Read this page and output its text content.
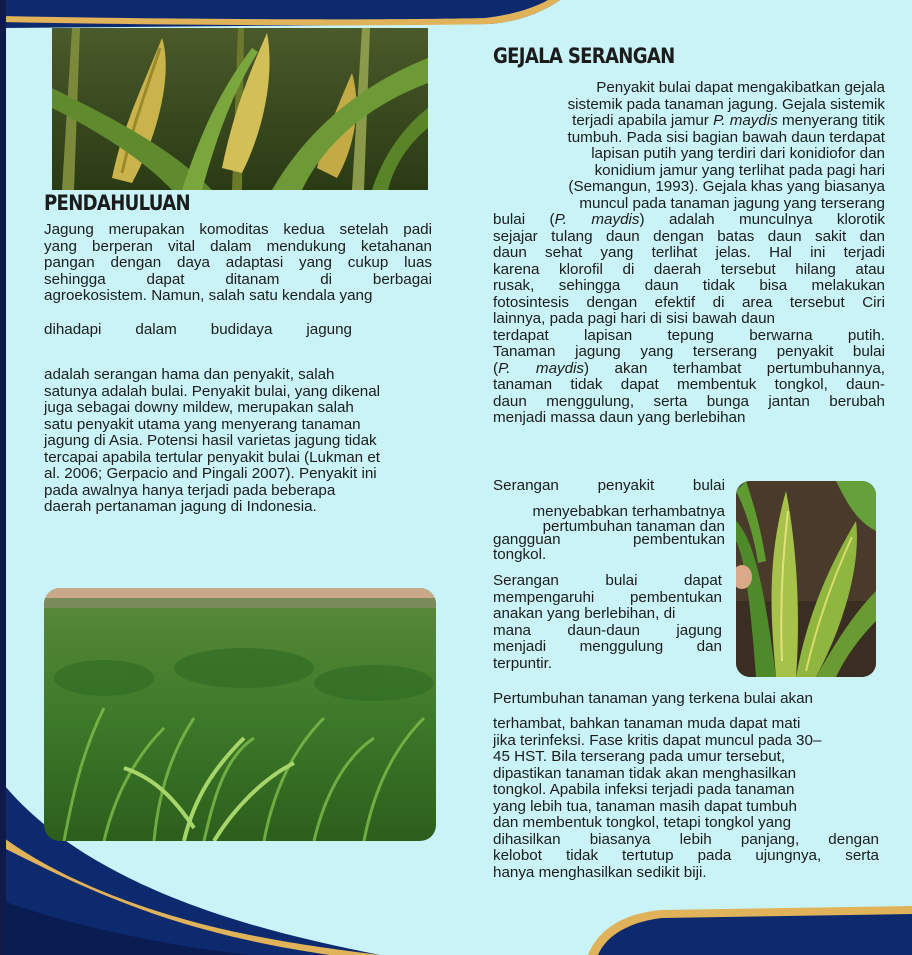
PENDAHULUAN
Jagung merupakan komoditas kedua setelah padi
yang berperan vital dalam mendukung ketahanan
pangan dengan daya adaptasi yang cukup luas
sehingga dapat ditanam di berbagai
agroekosistem. Namun, salah satu kendala yang
dihadapi dalam budidaya jagung
adalah serangan hama dan penyakit, salah
satunya adalah bulai. Penyakit bulai, yang dikenal
juga sebagai downy mildew, merupakan salah
satu penyakit utama yang menyerang tanaman
jagung di Asia. Potensi hasil varietas jagung tidak
tercapai apabila tertular penyakit bulai (Lukman et
al. 2006; Gerpacio and Pingali 2007). Penyakit ini
pada awalnya hanya terjadi pada beberapa
daerah pertanaman jagung di Indonesia.
GEJALA SERANGAN
Penyakit bulai dapat mengakibatkan gejala
sistemik pada tanaman jagung. Gejala sistemik
terjadi apabila jamur P. maydis menyerang titik
tumbuh. Pada sisi bagian bawah daun terdapat
lapisan putih yang terdiri dari konidiofor dan
konidium jamur yang terlihat pada pagi hari
(Semangun, 1993). Gejala khas yang biasanya
muncul pada tanaman jagung yang terserang
bulai (P. maydis) adalah munculnya klorotik
sejajar tulang daun dengan batas daun sakit dan
daun sehat yang terlihat jelas. Hal ini terjadi
karena klorofil di daerah tersebut hilang atau
rusak, sehingga daun tidak bisa melakukan
fotosintesis dengan efektif di area tersebut Ciri
lainnya, pada pagi hari di sisi bawah daun
terdapat lapisan tepung berwarna putih.
Tanaman jagung yang terserang penyakit bulai
(P. maydis) akan terhambat pertumbuhannya,
tanaman tidak dapat membentuk tongkol, daun-
daun menggulung, serta bunga jantan berubah
menjadi massa daun yang berlebihan
Serangan penyakit bulai
menyebabkan terhambatnya
pertumbuhan tanaman dan
gangguan pembentukan
tongkol.
Serangan bulai dapat
mempengaruhi pembentukan
anakan yang berlebihan, di
mana daun-daun jagung
menjadi menggulung dan
terpuntir.
Pertumbuhan tanaman yang terkena bulai akan
terhambat, bahkan tanaman muda dapat mati
jika terinfeksi. Fase kritis dapat muncul pada 30–
45 HST. Bila terserang pada umur tersebut,
dipastikan tanaman tidak akan menghasilkan
tongkol. Apabila infeksi terjadi pada tanaman
yang lebih tua, tanaman masih dapat tumbuh
dan membentuk tongkol, tetapi tongkol yang
dihasilkan biasanya lebih panjang, dengan
kelobot tidak tertutup pada ujungnya, serta
hanya menghasilkan sedikit biji.
